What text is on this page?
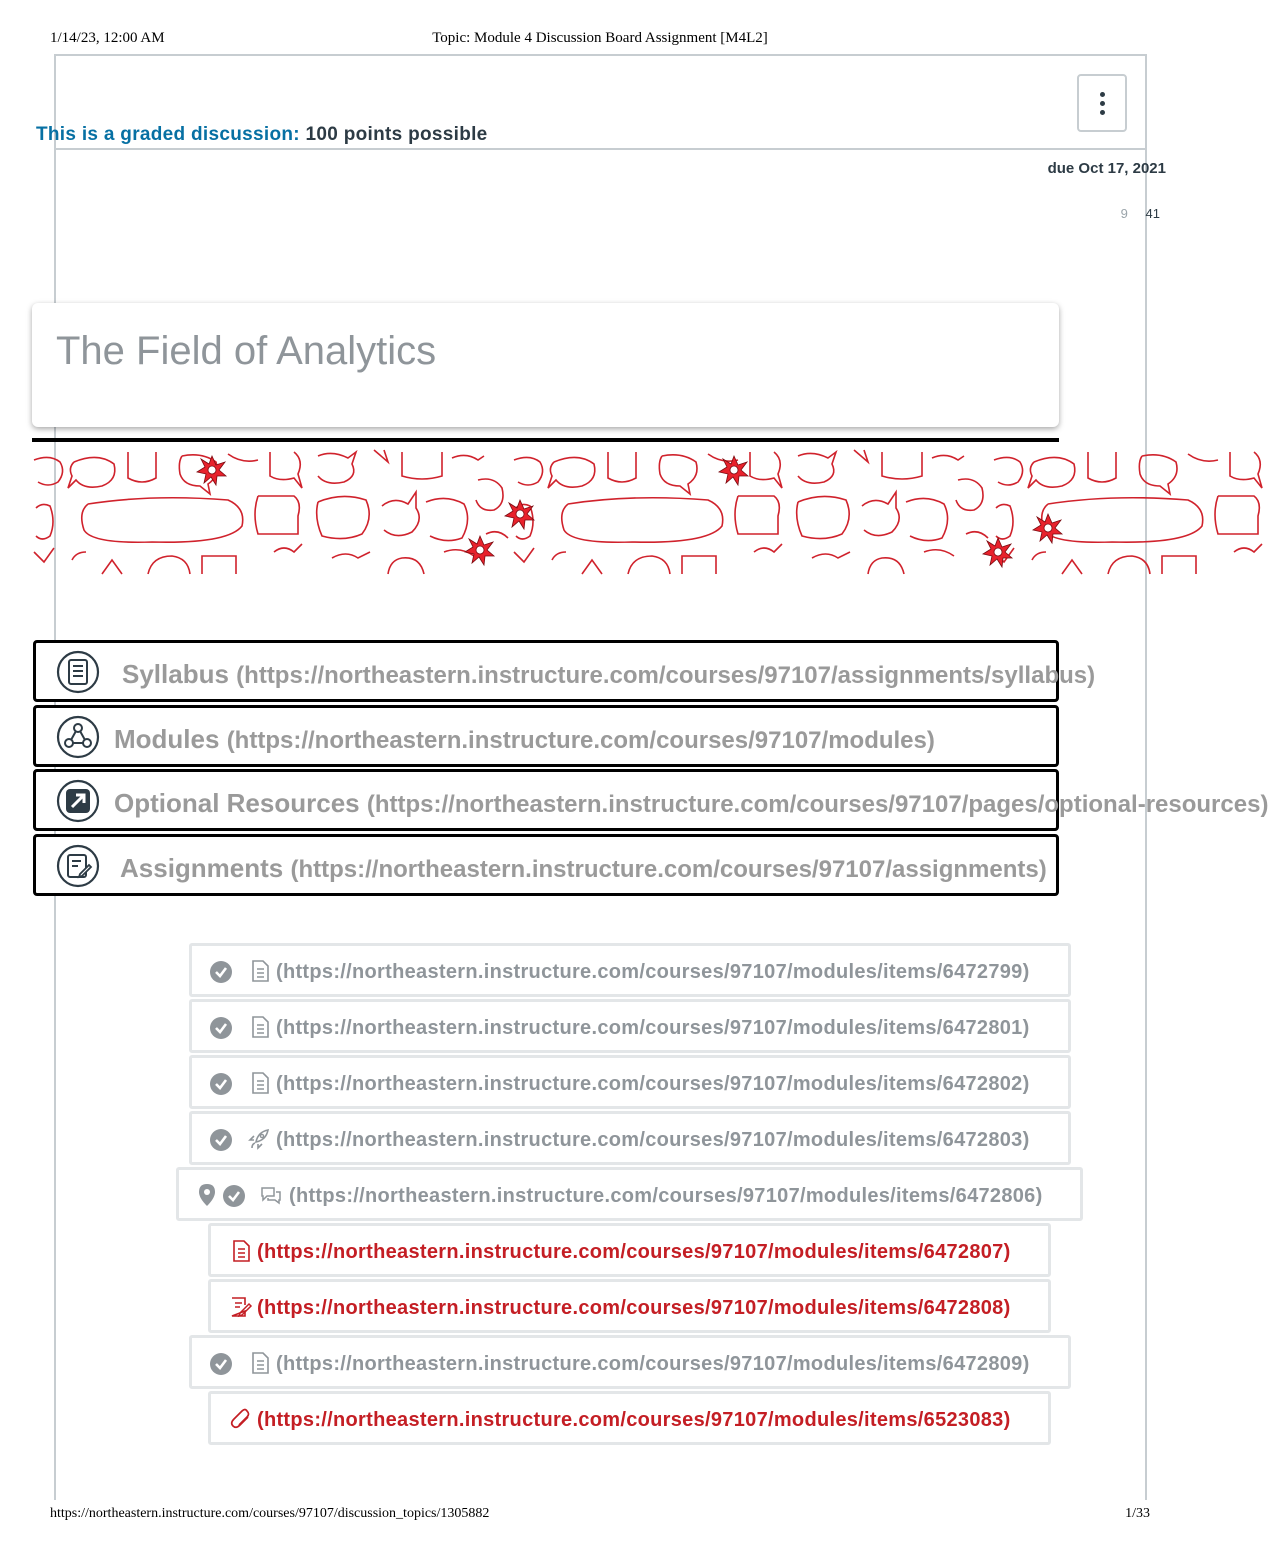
1/14/23, 12:00 AM	Topic: Module 4 Discussion Board Assignment [M4L2]
This is a graded discussion: 100 points possible
due Oct 17, 2021
9 41
The Field of Analytics
Syllabus (https://northeastern.instructure.com/courses/97107/assignments/syllabus)
Modules (https://northeastern.instructure.com/courses/97107/modules)
Optional Resources (https://northeastern.instructure.com/courses/97107/pages/optional-resources)
Assignments (https://northeastern.instructure.com/courses/97107/assignments)
(https://northeastern.instructure.com/courses/97107/modules/items/6472799)
(https://northeastern.instructure.com/courses/97107/modules/items/6472801)
(https://northeastern.instructure.com/courses/97107/modules/items/6472802)
(https://northeastern.instructure.com/courses/97107/modules/items/6472803)
(https://northeastern.instructure.com/courses/97107/modules/items/6472806)
(https://northeastern.instructure.com/courses/97107/modules/items/6472807)
(https://northeastern.instructure.com/courses/97107/modules/items/6472808)
(https://northeastern.instructure.com/courses/97107/modules/items/6472809)
(https://northeastern.instructure.com/courses/97107/modules/items/6523083)
https://northeastern.instructure.com/courses/97107/discussion_topics/1305882	1/33
